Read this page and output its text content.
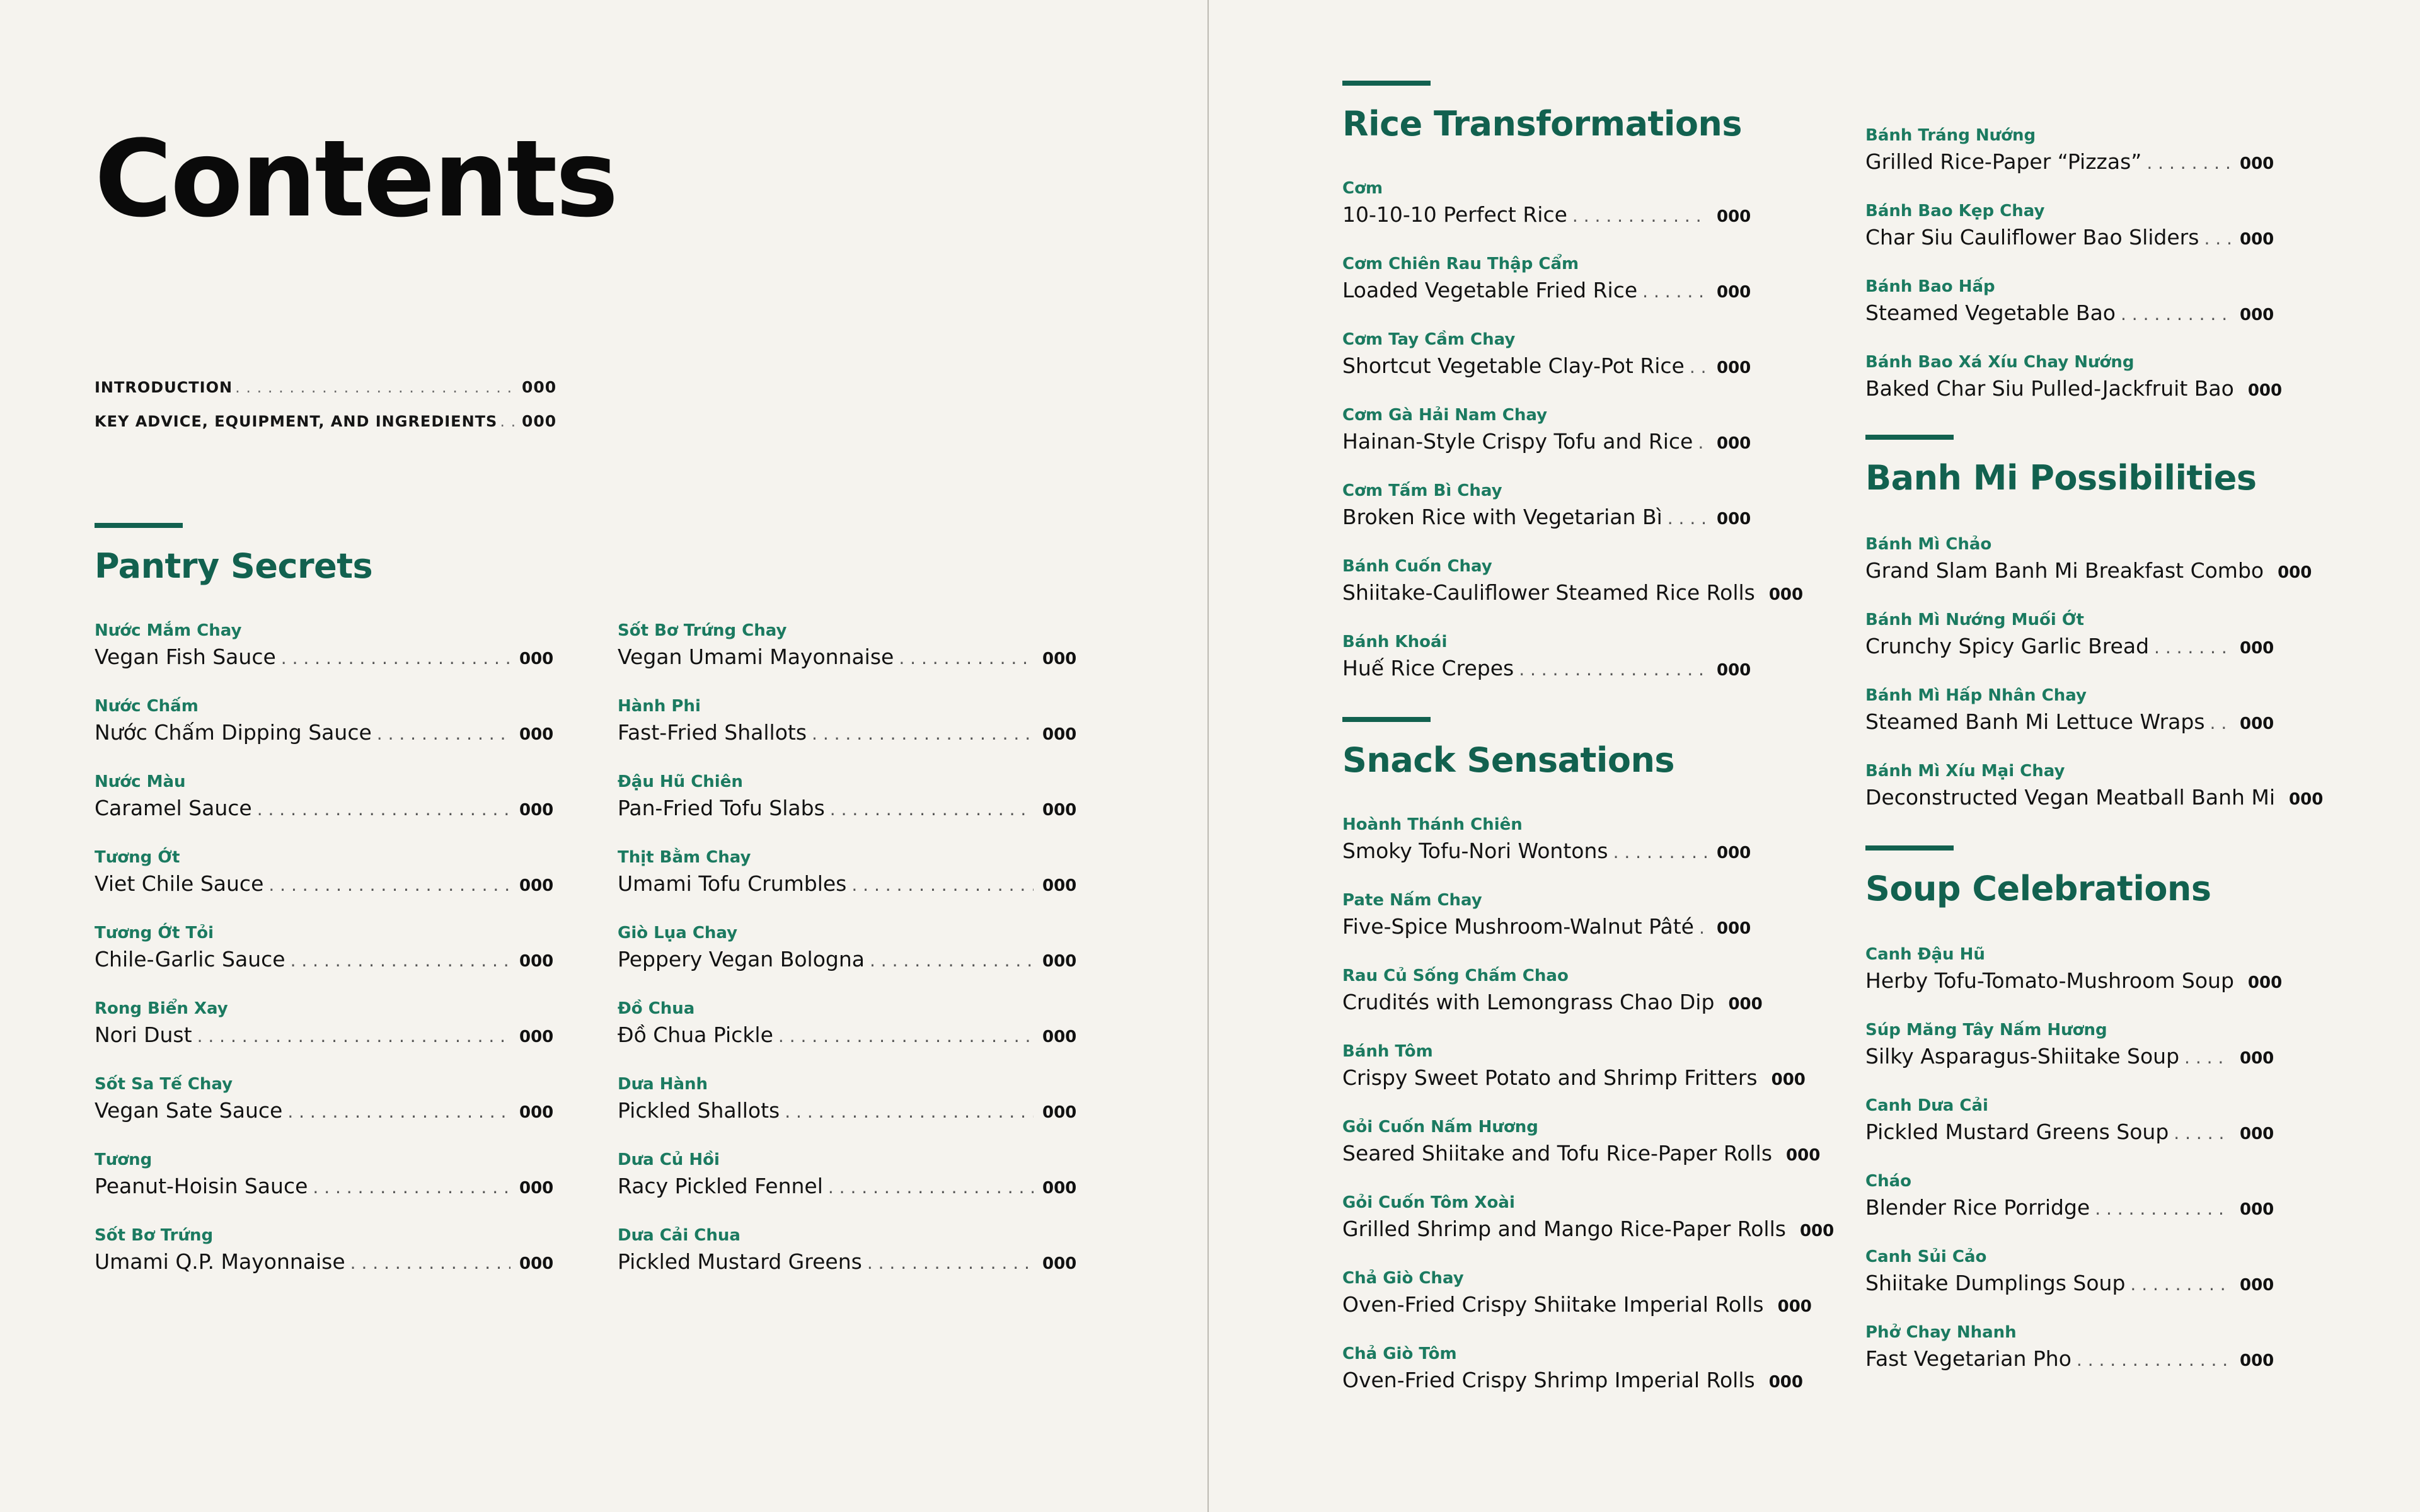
Contents
INTRODUCTION . . .	000
KEY ADVICE, EQUIPMENT, AND INGREDIENTS . . . 000
Pantry Secrets
Nước Mắm Chay
Vegan Fish Sauce . . .	000
Nước Chấm
Nước Chấm Dipping Sauce . . .	000
Nước Màu
Caramel Sauce . . .	000
Tương Ớt
Viet Chile Sauce . . .	000
Tương Ớt Tỏi
Chile-Garlic Sauce . . .	000
Rong Biển Xay
Nori Dust . . .	000
Sốt Sa Tế Chay
Vegan Sate Sauce . . .	000
Tương
Peanut-Hoisin Sauce . . .	000
Sốt Bơ Trứng
Umami Q.P. Mayonnaise . . .	000
Sốt Bơ Trứng Chay
Vegan Umami Mayonnaise . . .	000
Hành Phi
Fast-Fried Shallots . . .	000
Đậu Hũ Chiên
Pan-Fried Tofu Slabs . . .	000
Thịt Bằm Chay
Umami Tofu Crumbles . . .	000
Giò Lụa Chay
Peppery Vegan Bologna . . .	000
Đồ Chua
Đồ Chua Pickle . . .	000
Dưa Hành
Pickled Shallots . . .	000
Dưa Củ Hồi
Racy Pickled Fennel . . .	000
Dưa Cải Chua
Pickled Mustard Greens . . .	000
Rice Transformations
Cơm
10-10-10 Perfect Rice . . .	000
Cơm Chiên Rau Thập Cẩm
Loaded Vegetable Fried Rice . . .	000
Cơm Tay Cầm Chay
Shortcut Vegetable Clay-Pot Rice . . . 000
Cơm Gà Hải Nam Chay
Hainan-Style Crispy Tofu and Rice . . . 000
Cơm Tấm Bì Chay
Broken Rice with Vegetarian Bì . . .	000
Bánh Cuốn Chay
Shiitake-Cauliflower Steamed Rice Rolls 000
Bánh Khoái
Huế Rice Crepes . . .	000
Snack Sensations
Hoành Thánh Chiên
Smoky Tofu-Nori Wontons . . .	000
Pate Nấm Chay
Five-Spice Mushroom-Walnut Pâté . . . 000
Rau Củ Sống Chấm Chao
Crudités with Lemongrass Chao Dip 000
Bánh Tôm
Crispy Sweet Potato and Shrimp Fritters 000
Gỏi Cuốn Nấm Hương
Seared Shiitake and Tofu Rice-Paper Rolls 000
Gỏi Cuốn Tôm Xoài
Grilled Shrimp and Mango Rice-Paper Rolls 000
Chả Giò Chay
Oven-Fried Crispy Shiitake Imperial Rolls 000
Chả Giò Tôm
Oven-Fried Crispy Shrimp Imperial Rolls 000
Bánh Tráng Nướng
Grilled Rice-Paper “Pizzas” . . .	000
Bánh Bao Kẹp Chay
Char Siu Cauliflower Bao Sliders . . . 000
Bánh Bao Hấp
Steamed Vegetable Bao . . .	000
Bánh Bao Xá Xíu Chay Nướng
Baked Char Siu Pulled-Jackfruit Bao 000
Banh Mi Possibilities
Bánh Mì Chảo
Grand Slam Banh Mi Breakfast Combo 000
Bánh Mì Nướng Muối Ớt
Crunchy Spicy Garlic Bread . . .	000
Bánh Mì Hấp Nhân Chay
Steamed Banh Mi Lettuce Wraps . . . 000
Bánh Mì Xíu Mại Chay
Deconstructed Vegan Meatball Banh Mi 000
Soup Celebrations
Canh Đậu Hũ
Herby Tofu-Tomato-Mushroom Soup 000
Súp Măng Tây Nấm Hương
Silky Asparagus-Shiitake Soup . . .	000
Canh Dưa Cải
Pickled Mustard Greens Soup . . .	000
Cháo
Blender Rice Porridge . . .	000
Canh Sủi Cảo
Shiitake Dumplings Soup . . .	000
Phở Chay Nhanh
Fast Vegetarian Pho . . .	000
